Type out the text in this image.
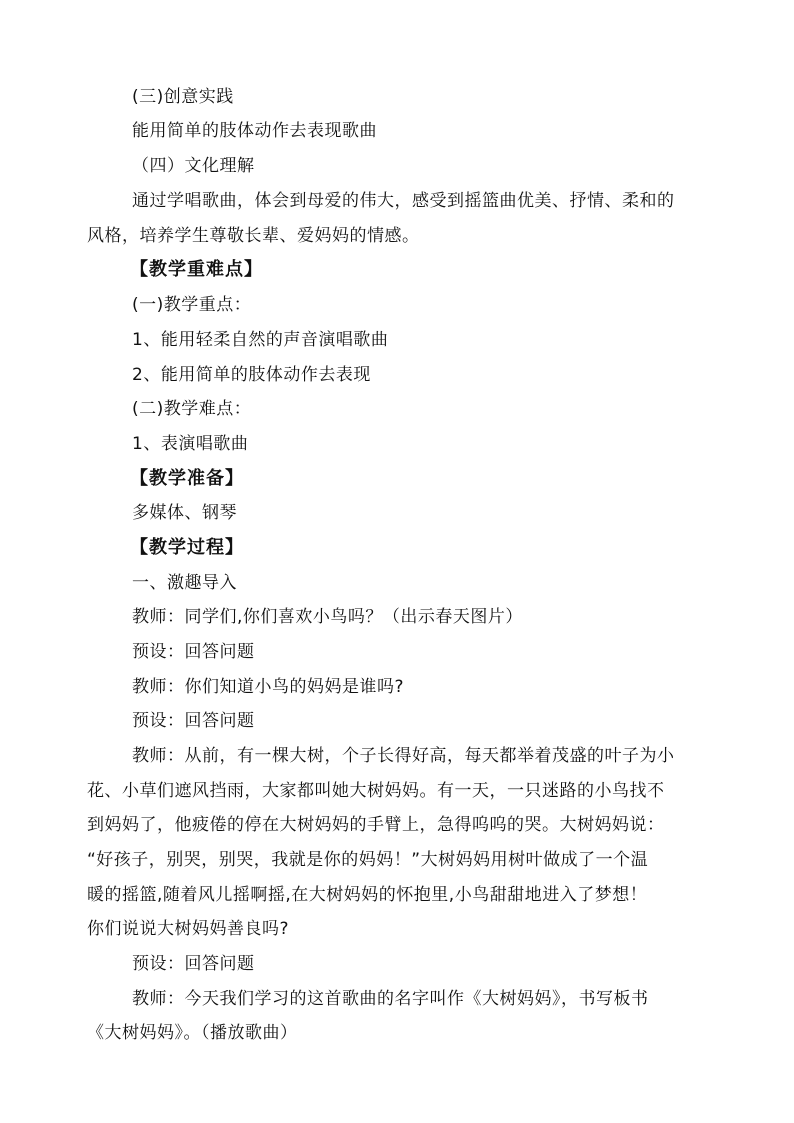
(三)创意实践
能用简单的肢体动作去表现歌曲
（四）文化理解
通过学唱歌曲，体会到母爱的伟大，感受到摇篮曲优美、抒情、柔和的
风格，培养学生尊敬长辈、爱妈妈的情感。
【教学重难点】
(一)教学重点：
1、能用轻柔自然的声音演唱歌曲
2、能用简单的肢体动作去表现
(二)教学难点：
1、表演唱歌曲
【教学准备】
多媒体、钢琴
【教学过程】
一、激趣导入
教师：同学们,你们喜欢小鸟吗？（出示春天图片）
预设：回答问题
教师：你们知道小鸟的妈妈是谁吗?
预设：回答问题
教师：从前，有一棵大树，个子长得好高，每天都举着茂盛的叶子为小
花、小草们遮风挡雨，大家都叫她大树妈妈。有一天，一只迷路的小鸟找不
到妈妈了，他疲倦的停在大树妈妈的手臂上，急得呜呜的哭。大树妈妈说：
“好孩子，别哭，别哭，我就是你的妈妈！”大树妈妈用树叶做成了一个温
暖的摇篮,随着风儿摇啊摇,在大树妈妈的怀抱里,小鸟甜甜地进入了梦想！
你们说说大树妈妈善良吗?
预设：回答问题
教师：今天我们学习的这首歌曲的名字叫作《大树妈妈》，书写板书
《大树妈妈》。（播放歌曲）
